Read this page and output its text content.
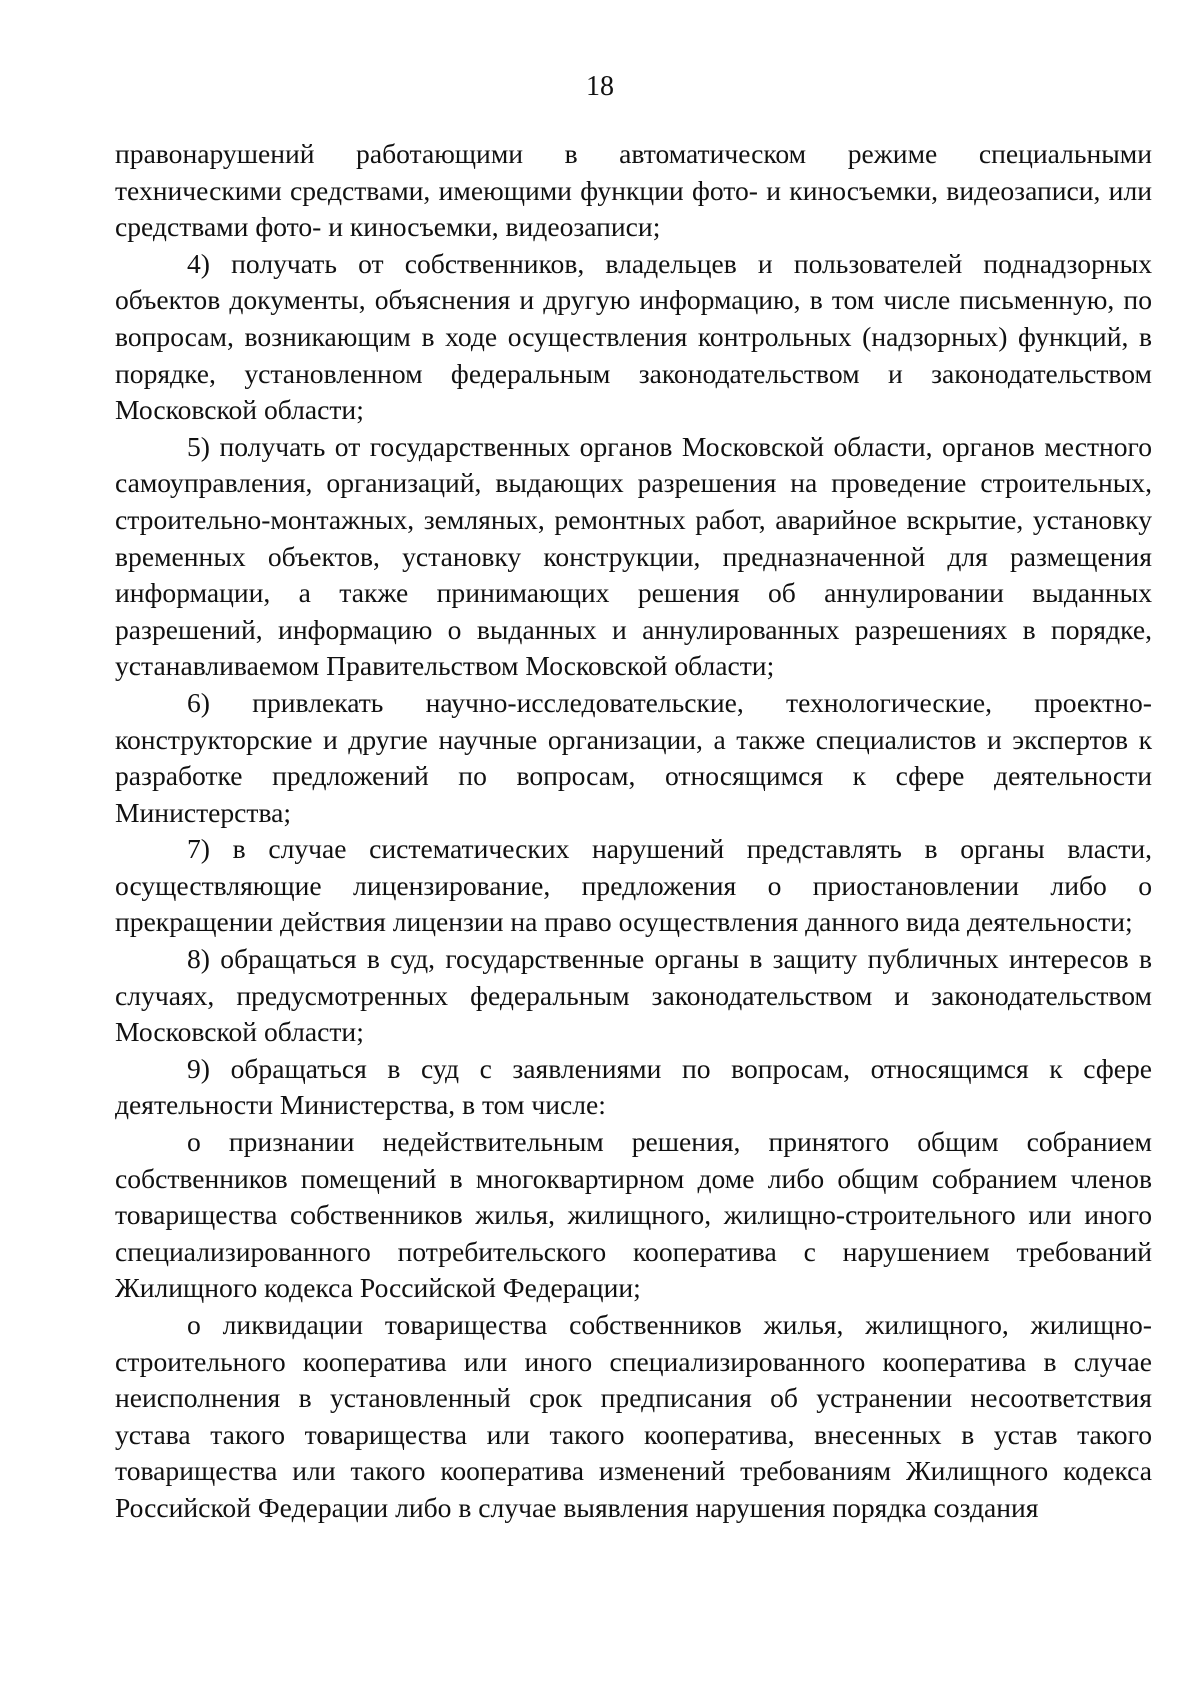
18

правонарушений работающими в автоматическом режиме специальными техническими средствами, имеющими функции фото- и киносъемки, видеозаписи, или средствами фото- и киносъемки, видеозаписи;

4) получать от собственников, владельцев и пользователей поднадзорных объектов документы, объяснения и другую информацию, в том числе письменную, по вопросам, возникающим в ходе осуществления контрольных (надзорных) функций, в порядке, установленном федеральным законодательством и законодательством Московской области;

5) получать от государственных органов Московской области, органов местного самоуправления, организаций, выдающих разрешения на проведение строительных, строительно-монтажных, земляных, ремонтных работ, аварийное вскрытие, установку временных объектов, установку конструкции, предназначенной для размещения информации, а также принимающих решения об аннулировании выданных разрешений, информацию о выданных и аннулированных разрешениях в порядке, устанавливаемом Правительством Московской области;

6) привлекать научно-исследовательские, технологические, проектно-конструкторские и другие научные организации, а также специалистов и экспертов к разработке предложений по вопросам, относящимся к сфере деятельности Министерства;

7) в случае систематических нарушений представлять в органы власти, осуществляющие лицензирование, предложения о приостановлении либо о прекращении действия лицензии на право осуществления данного вида деятельности;

8) обращаться в суд, государственные органы в защиту публичных интересов в случаях, предусмотренных федеральным законодательством и законодательством Московской области;

9) обращаться в суд с заявлениями по вопросам, относящимся к сфере деятельности Министерства, в том числе:

о признании недействительным решения, принятого общим собранием собственников помещений в многоквартирном доме либо общим собранием членов товарищества собственников жилья, жилищного, жилищно-строительного или иного специализированного потребительского кооператива с нарушением требований Жилищного кодекса Российской Федерации;

о ликвидации товарищества собственников жилья, жилищного, жилищно-строительного кооператива или иного специализированного кооператива в случае неисполнения в установленный срок предписания об устранении несоответствия устава такого товарищества или такого кооператива, внесенных в устав такого товарищества или такого кооператива изменений требованиям Жилищного кодекса Российской Федерации либо в случае выявления нарушения порядка создания
